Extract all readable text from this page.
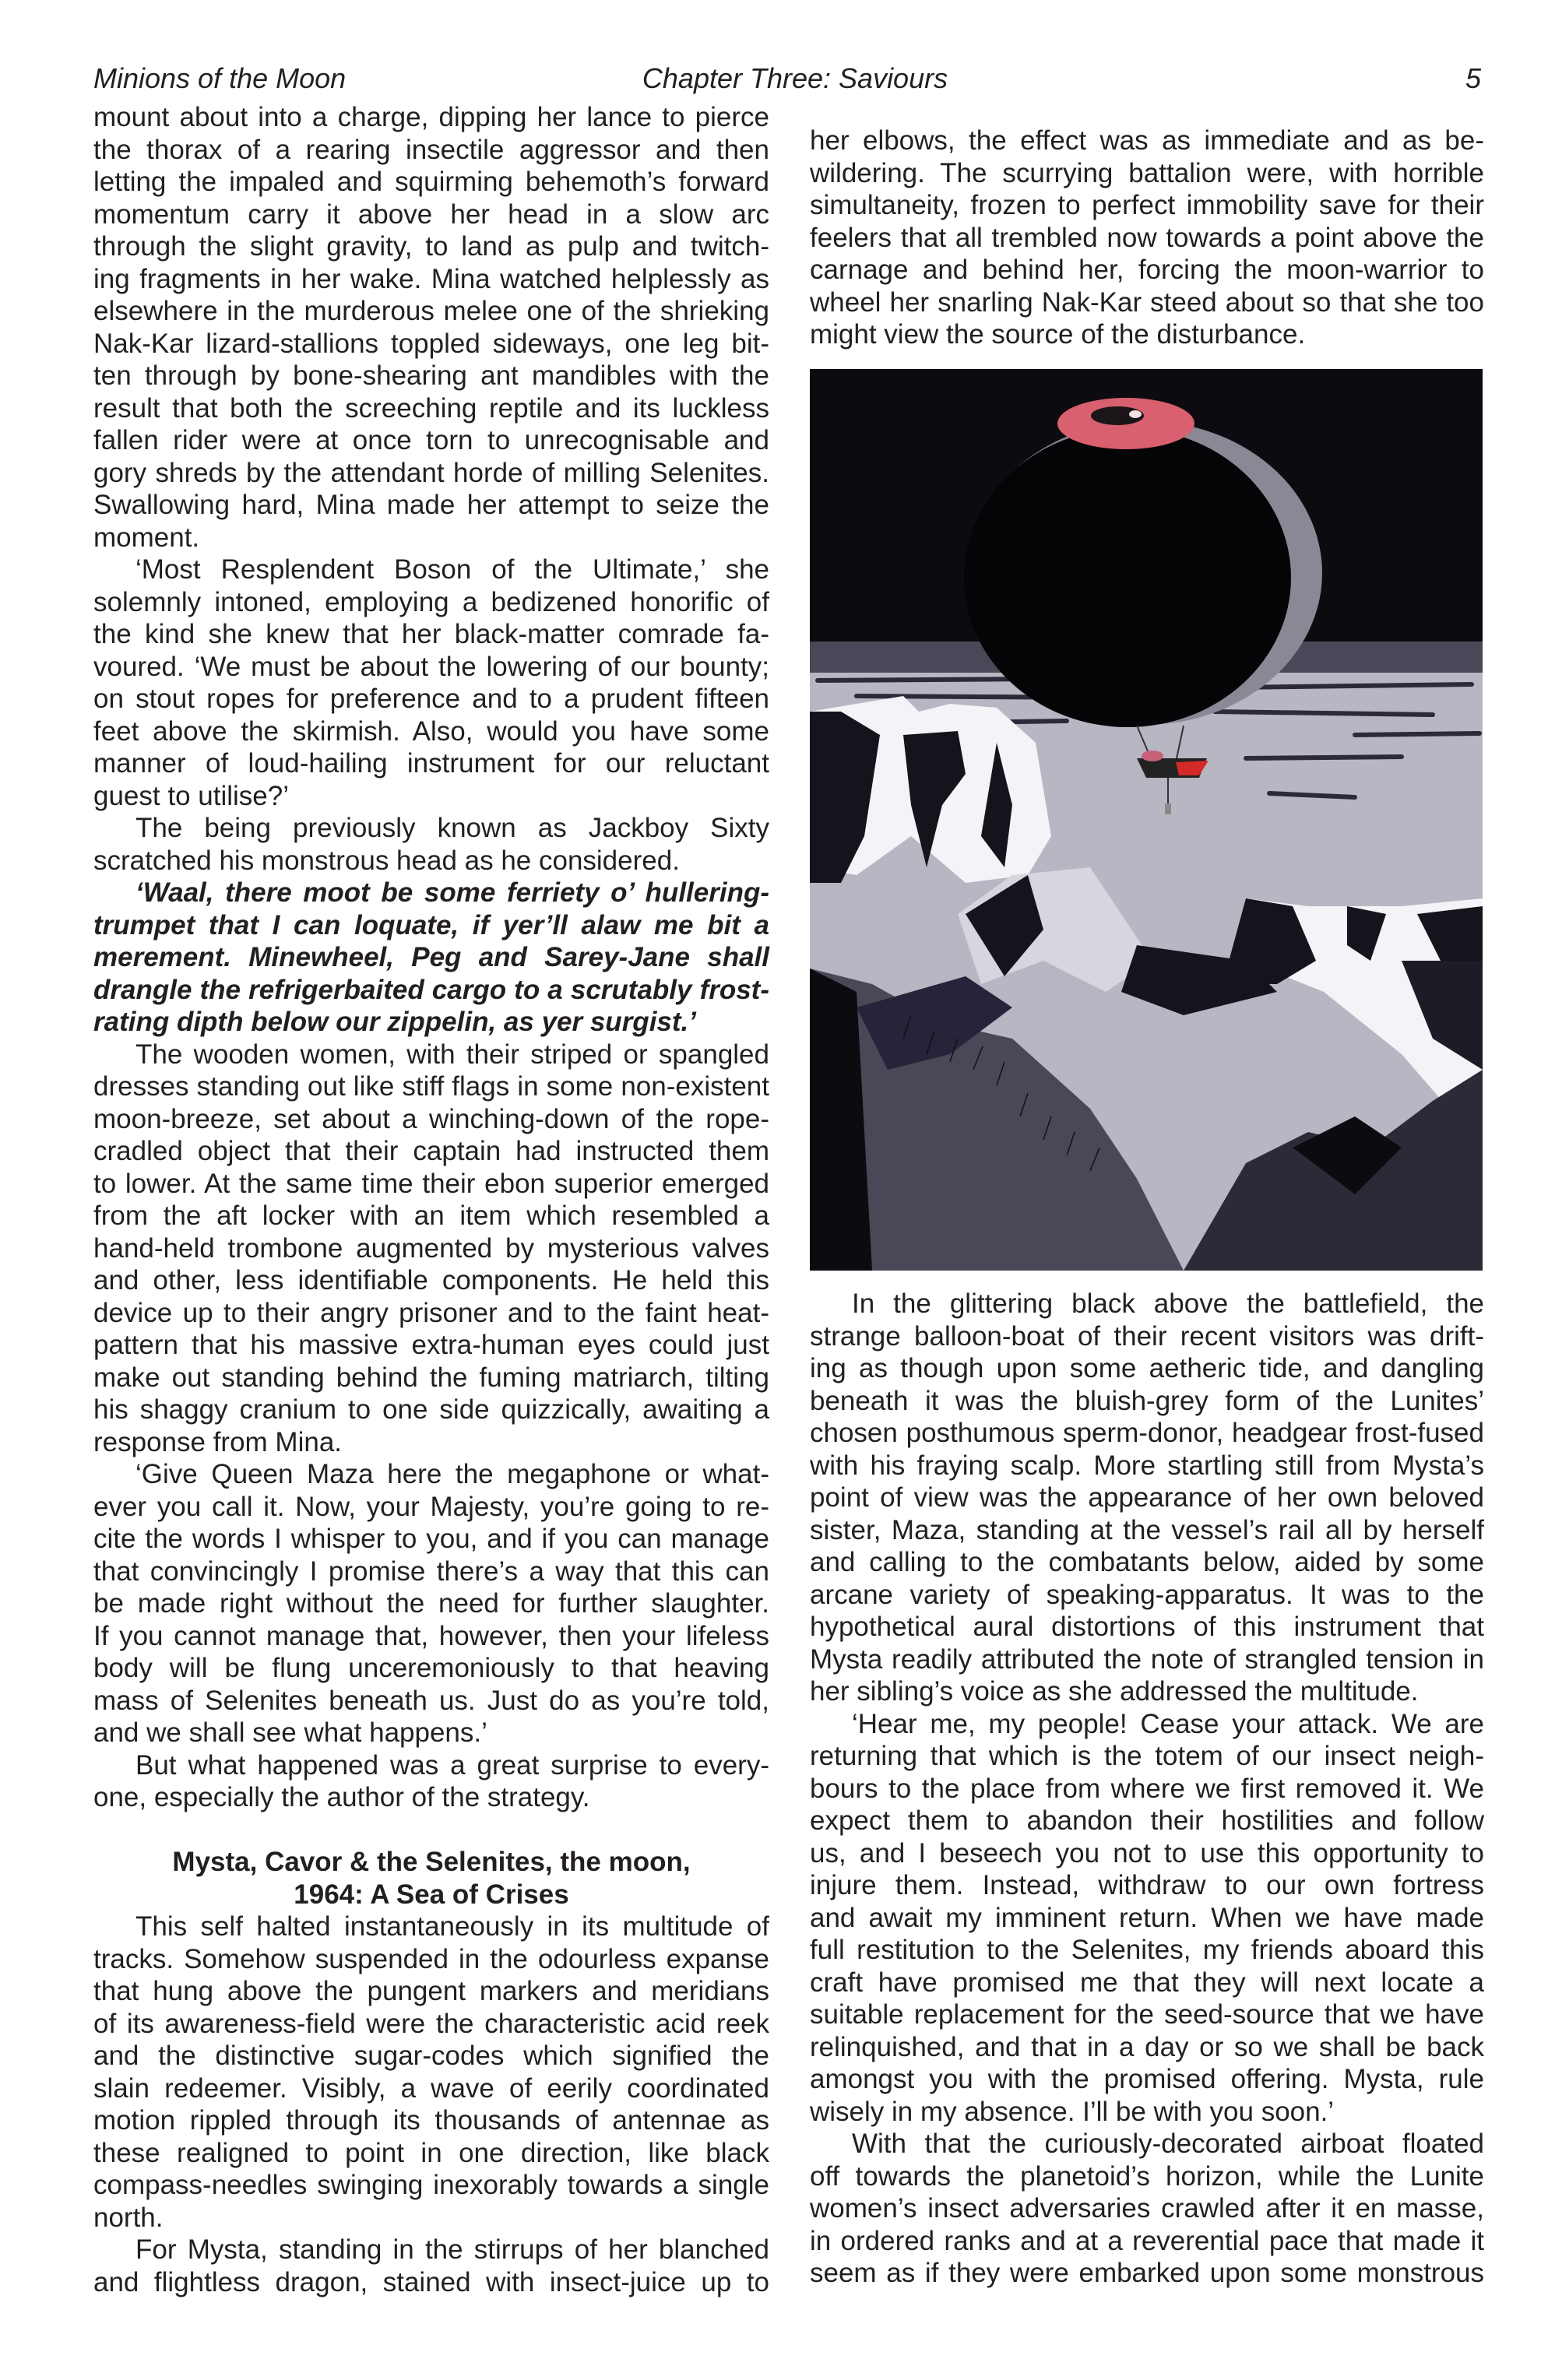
Minions of the Moon	Chapter Three: Saviours	5
mount about into a charge, dipping her lance to pierce
the thorax of a rearing insectile aggressor and then
letting the impaled and squirming behemoth’s forward
momentum carry it above her head in a slow arc
through the slight gravity, to land as pulp and twitch-
ing fragments in her wake. Mina watched helplessly as
elsewhere in the murderous melee one of the shrieking
Nak-Kar lizard-stallions toppled sideways, one leg bit-
ten through by bone-shearing ant mandibles with the
result that both the screeching reptile and its luckless
fallen rider were at once torn to unrecognisable and
gory shreds by the attendant horde of milling Selenites.
Swallowing hard, Mina made her attempt to seize the
moment.
‘Most Resplendent Boson of the Ultimate,’ she
solemnly intoned, employing a bedizened honorific of
the kind she knew that her black-matter comrade fa-
voured. ‘We must be about the lowering of our bounty;
on stout ropes for preference and to a prudent fifteen
feet above the skirmish. Also, would you have some
manner of loud-hailing instrument for our reluctant
guest to utilise?’
The being previously known as Jackboy Sixty
scratched his monstrous head as he considered.
‘Waal, there moot be some ferriety o’ hullering-
trumpet that I can loquate, if yer’ll alaw me bit a
merement. Minewheel, Peg and Sarey-Jane shall
drangle the refrigerbaited cargo to a scrutably frost-
rating dipth below our zippelin, as yer surgist.’
The wooden women, with their striped or spangled
dresses standing out like stiff flags in some non-existent
moon-breeze, set about a winching-down of the rope-
cradled object that their captain had instructed them
to lower. At the same time their ebon superior emerged
from the aft locker with an item which resembled a
hand-held trombone augmented by mysterious valves
and other, less identifiable components. He held this
device up to their angry prisoner and to the faint heat-
pattern that his massive extra-human eyes could just
make out standing behind the fuming matriarch, tilting
his shaggy cranium to one side quizzically, awaiting a
response from Mina.
‘Give Queen Maza here the megaphone or what-
ever you call it. Now, your Majesty, you’re going to re-
cite the words I whisper to you, and if you can manage
that convincingly I promise there’s a way that this can
be made right without the need for further slaughter.
If you cannot manage that, however, then your lifeless
body will be flung unceremoniously to that heaving
mass of Selenites beneath us. Just do as you’re told,
and we shall see what happens.’
But what happened was a great surprise to every-
one, especially the author of the strategy.
Mysta, Cavor & the Selenites, the moon,
1964: A Sea of Crises
This self halted instantaneously in its multitude of
tracks. Somehow suspended in the odourless expanse
that hung above the pungent markers and meridians
of its awareness-field were the characteristic acid reek
and the distinctive sugar-codes which signified the
slain redeemer. Visibly, a wave of eerily coordinated
motion rippled through its thousands of antennae as
these realigned to point in one direction, like black
compass-needles swinging inexorably towards a single
north.
For Mysta, standing in the stirrups of her blanched
and flightless dragon, stained with insect-juice up to
her elbows, the effect was as immediate and as be-
wildering. The scurrying battalion were, with horrible
simultaneity, frozen to perfect immobility save for their
feelers that all trembled now towards a point above the
carnage and behind her, forcing the moon-warrior to
wheel her snarling Nak-Kar steed about so that she too
might view the source of the disturbance.
In the glittering black above the battlefield, the
strange balloon-boat of their recent visitors was drift-
ing as though upon some aetheric tide, and dangling
beneath it was the bluish-grey form of the Lunites’
chosen posthumous sperm-donor, headgear frost-fused
with his fraying scalp. More startling still from Mysta’s
point of view was the appearance of her own beloved
sister, Maza, standing at the vessel’s rail all by herself
and calling to the combatants below, aided by some
arcane variety of speaking-apparatus. It was to the
hypothetical aural distortions of this instrument that
Mysta readily attributed the note of strangled tension in
her sibling’s voice as she addressed the multitude.
‘Hear me, my people! Cease your attack. We are
returning that which is the totem of our insect neigh-
bours to the place from where we first removed it. We
expect them to abandon their hostilities and follow
us, and I beseech you not to use this opportunity to
injure them. Instead, withdraw to our own fortress
and await my imminent return. When we have made
full restitution to the Selenites, my friends aboard this
craft have promised me that they will next locate a
suitable replacement for the seed-source that we have
relinquished, and that in a day or so we shall be back
amongst you with the promised offering. Mysta, rule
wisely in my absence. I’ll be with you soon.’
With that the curiously-decorated airboat floated
off towards the planetoid’s horizon, while the Lunite
women’s insect adversaries crawled after it en masse,
in ordered ranks and at a reverential pace that made it
seem as if they were embarked upon some monstrous
